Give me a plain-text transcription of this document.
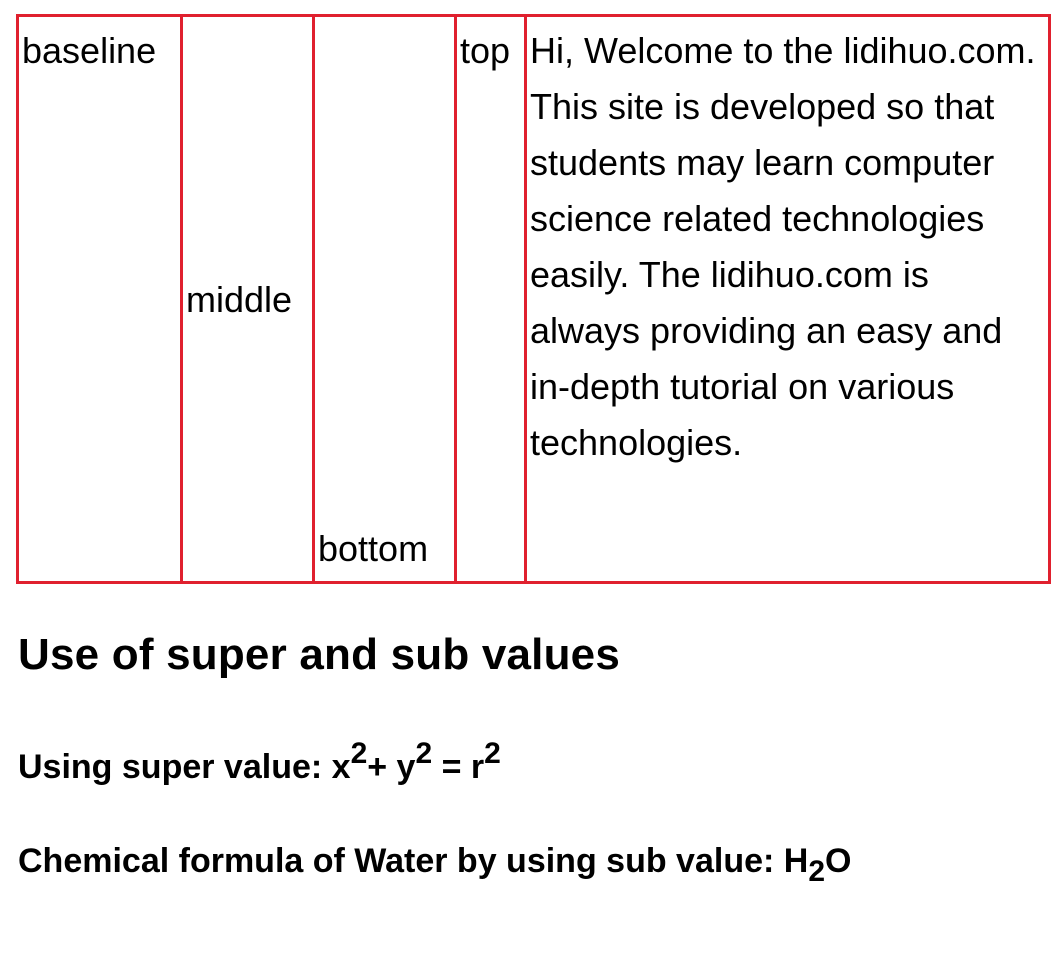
baseline	middle	bottom	top	Hi, Welcome to the lidihuo.com. This site is developed so that students may learn computer science related technologies easily. The lidihuo.com is always providing an easy and in-depth tutorial on various technologies.
Use of super and sub values

Using super value: $x^2+ y^2 = r^2$

Chemical formula of Water by using sub value: $H_2O$
